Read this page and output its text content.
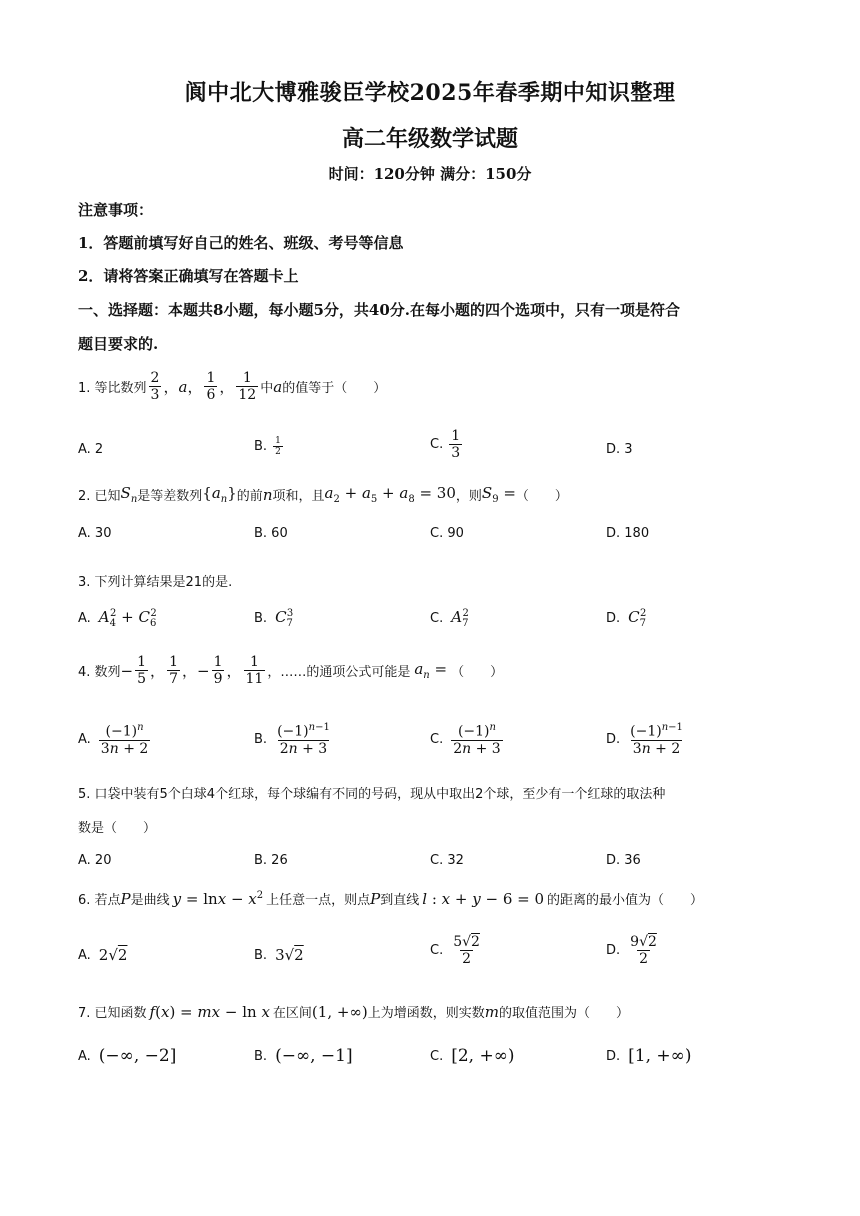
阆中北大博雅骏臣学校2025年春季期中知识整理
高二年级数学试题
时间：120分钟 满分：150分
注意事项：
1．答题前填写好自己的姓名、班级、考号等信息
2．请将答案正确填写在答题卡上
一、选择题：本题共8小题，每小题5分，共40分.在每小题的四个选项中，只有一项是符合
题目要求的.
1. 等比数列 $\frac{2}{3}$ ， a ， $\frac{1}{6}$ ， $\frac{1}{12}$ 中 a 的值等于（　　）
A. 2	B. $\frac{1}{2}$	C. $\frac{1}{3}$	D. 3
2. 已知 $S_n$ 是等差数列 $\{a_n\}$ 的前 n 项和，且 $a_2 + a_5 + a_8 = 30$ ，则 $S_9$ = （　　）
A. 30	B. 60	C. 90	D. 180
3. 下列计算结果是21的是.
A. $A_4^2 + C_6^2$	B. $C_7^3$	C. $A_7^2$	D. $C_7^2$
4. 数列 − $\frac{1}{5}$ ， $\frac{1}{7}$ ，− $\frac{1}{9}$ ， $\frac{1}{11}$ ，……的通项公式可能是 $a_n$ = （　　）
A. $\frac{(-1)^n}{3n + 2}$	B. $\frac{(-1)^{n-1}}{2n + 3}$	C. $\frac{(-1)^n}{2n + 3}$	D. $\frac{(-1)^{n-1}}{3n + 2}$
5. 口袋中装有5个白球4个红球，每个球编有不同的号码，现从中取出2个球，至少有一个红球的取法种
数是（　　）
A. 20	B. 26	C. 32	D. 36
6. 若点 P 是曲线 $y = \ln x - x^2$ 上任意一点，则点 P 到直线 l : x + y − 6 = 0 的距离的最小值为（　　）
A. 2√2	B. 3√2	C. $\frac{5√2}{2}$	D. $\frac{9√2}{2}$
7. 已知函数 f(x) = mx − ln x 在区间 (1, +∞) 上为增函数，则实数 m 的取值范围为（　　）
A. (−∞, −2]	B. (−∞, −1]	C. [2, +∞)	D. [1, +∞)
